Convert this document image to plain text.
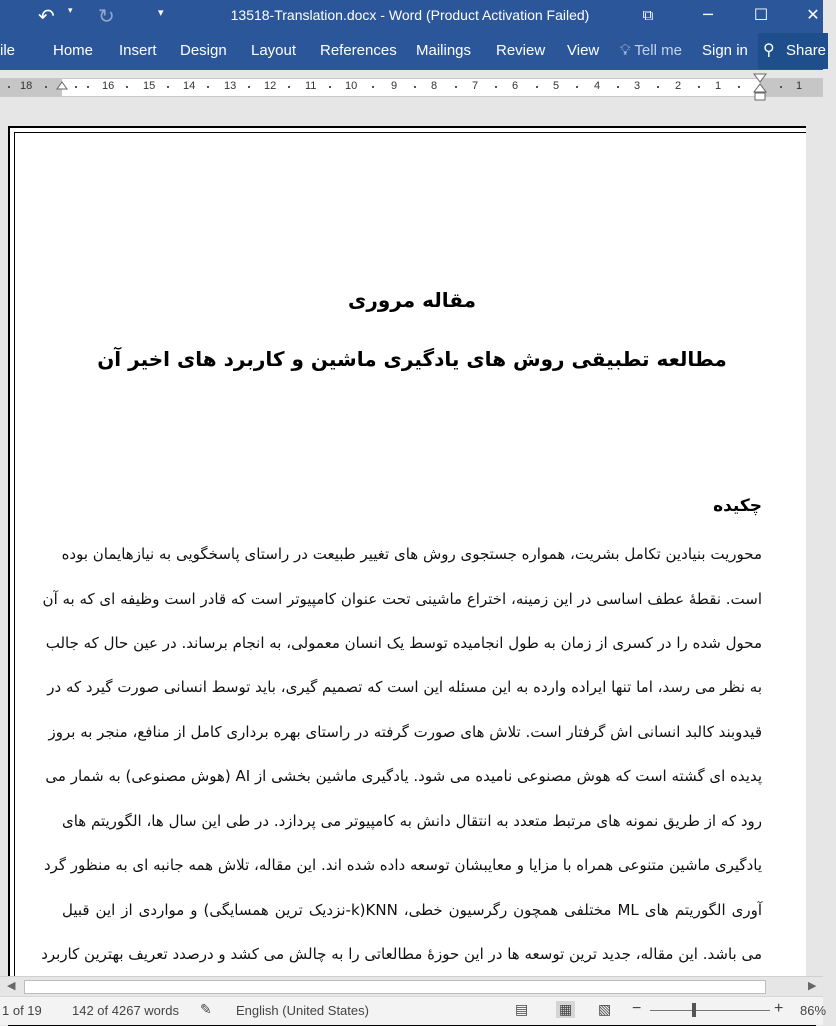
↶	▾ ↻	▾	13518-Translation.docx - Word (Product Activation Failed)	⧉	─	☐	✕
ile	Home Insert Design Layout References Mailings Review View 💡︎ Tell me Sign in ⚲ Share
18	16	15	14	13	12	11	10	9	8	7	6	5	4	3	2	1	1
مقاله مروری
مطالعه تطبیقی روش های یادگیری ماشین و کاربرد های اخیر آن
چکیده
محوریت بنیادین تکامل بشریت، همواره جستجوی روش های تغییر طبیعت در راستای پاسخگویی به نیازهایمان بوده
است. نقطهٔ عطف اساسی در این زمینه، اختراع ماشینی تحت عنوان کامپیوتر است که قادر است وظیفه ای که به آن
محول شده را در کسری از زمان به طول انجامیده توسط یک انسان معمولی، به انجام برساند. در عین حال که جالب
به نظر می رسد، اما تنها ایراده وارده به این مسئله این است که تصمیم گیری، باید توسط انسانی صورت گیرد که در
قیدوبند کالبد انسانی اش گرفتار است. تلاش های صورت گرفته در راستای بهره برداری کامل از منافع، منجر به بروز
پدیده ای گشته است که هوش مصنوعی نامیده می شود. یادگیری ماشین بخشی از AI (هوش مصنوعی) به شمار می
رود که از طریق نمونه های مرتبط متعدد به انتقال دانش به کامپیوتر می پردازد. در طی این سال ها، الگوریتم های
یادگیری ماشین متنوعی همراه با مزایا و معایبشان توسعه داده شده اند. این مقاله، تلاش همه جانبه ای به منظور گرد
آوری الگوریتم های ML مختلفی همچون رگرسیون خطی، KNN(k-نزدیک ترین همسایگی) و مواردی از این قبیل
می باشد. این مقاله، جدید ترین توسعه ها در این حوزهٔ مطالعاتی را به چالش می کشد و درصدد تعریف بهترین کاربرد
◀	▶
1 of 19 142 of 4267 words ✎ English (United States)	▤ ▦ ▧ −	+ 86%
